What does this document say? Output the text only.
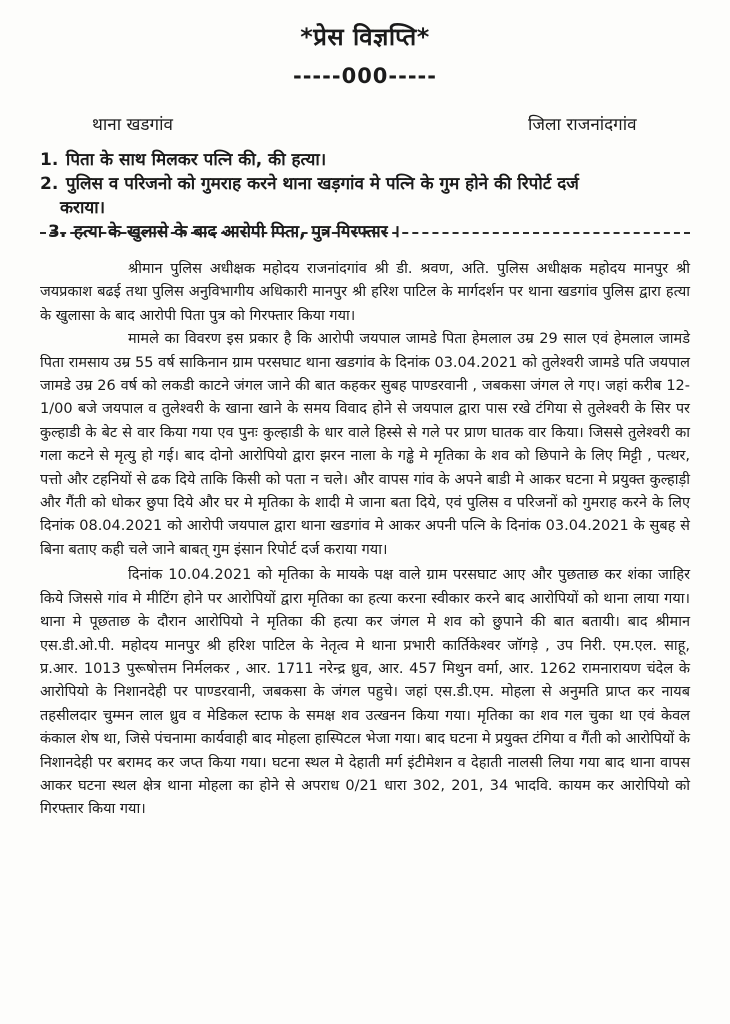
*प्रेस विज्ञप्ति*
-----000-----
थाना खडगांव	जिला राजनांदगांव
1. पिता के साथ मिलकर पत्नि की, की हत्या।
2. पुलिस व परिजनो को गुमराह करने थाना खड़गांव मे पत्नि के गुम होने की रिपोर्ट दर्ज
कराया।
3. हत्या के खुलासे के बाद आरोपी पिता, पुत्र गिरफ्तार ।

श्रीमान पुलिस अधीक्षक महोदय राजनांदगांव श्री डी. श्रवण, अति. पुलिस अधीक्षक महोदय मानपुर श्री जयप्रकाश बढई तथा पुलिस अनुविभागीय अधिकारी मानपुर श्री हरिश पाटिल के मार्गदर्शन पर थाना खडगांव पुलिस द्वारा हत्या के खुलासा के बाद आरोपी पिता पुत्र को गिरफ्तार किया गया।

मामले का विवरण इस प्रकार है कि आरोपी जयपाल जामडे पिता हेमलाल उम्र 29 साल एवं हेमलाल जामडे पिता रामसाय उम्र 55 वर्ष साकिनान ग्राम परसघाट थाना खडगांव के दिनांक 03.04.2021 को तुलेश्वरी जामडे पति जयपाल जामडे उम्र 26 वर्ष को लकडी काटने जंगल जाने की बात कहकर सुबह पाण्डरवानी , जबकसा जंगल ले गए। जहां करीब 12-1/00 बजे जयपाल व तुलेश्वरी के खाना खाने के समय विवाद होने से जयपाल द्वारा पास रखे टंगिया से तुलेश्वरी के सिर पर कुल्हाडी के बेट से वार किया गया एव पुनः कुल्हाडी के धार वाले हिस्से से गले पर प्राण घातक वार किया। जिससे तुलेश्वरी का गला कटने से मृत्यु हो गई। बाद दोनो आरोपियो द्वारा झरन नाला के गड्ढे मे मृतिका के शव को छिपाने के लिए मिट्टी , पत्थर, पत्तो और टहनियों से ढक दिये ताकि किसी को पता न चले। और वापस गांव के अपने बाडी मे आकर घटना मे प्रयुक्त कुल्हाड़ी और गैंती को धोकर छुपा दिये और घर मे मृतिका के शादी मे जाना बता दिये, एवं पुलिस व परिजनों को गुमराह करने के लिए दिनांक 08.04.2021 को आरोपी जयपाल द्वारा थाना खडगांव मे आकर अपनी पत्नि के दिनांक 03.04.2021 के सुबह से बिना बताए कही चले जाने बाबत् गुम इंसान रिपोर्ट दर्ज कराया गया।

दिनांक 10.04.2021 को मृतिका के मायके पक्ष वाले ग्राम परसघाट आए और पुछताछ कर शंका जाहिर किये जिससे गांव मे मीटिंग होने पर आरोपियों द्वारा मृतिका का हत्या करना स्वीकार करने बाद आरोपियों को थाना लाया गया। थाना मे पूछताछ के दौरान आरोपियो ने मृतिका की हत्या कर जंगल मे शव को छुपाने की बात बतायी। बाद श्रीमान एस.डी.ओ.पी. महोदय मानपुर श्री हरिश पाटिल के नेतृत्व मे थाना प्रभारी कार्तिकेश्वर जॉगड़े , उप निरी. एम.एल. साहू, प्र.आर. 1013 पुरूषोत्तम निर्मलकर , आर. 1711 नरेन्द्र ध्रुव, आर. 457 मिथुन वर्मा, आर. 1262 रामनारायण चंदेल के आरोपियो के निशानदेही पर पाण्डरवानी, जबकसा के जंगल पहुचे। जहां एस.डी.एम. मोहला से अनुमति प्राप्त कर नायब तहसीलदार चुम्मन लाल ध्रुव व मेडिकल स्टाफ के समक्ष शव उत्खनन किया गया। मृतिका का शव गल चुका था एवं केवल कंकाल शेष था, जिसे पंचनामा कार्यवाही बाद मोहला हास्पिटल भेजा गया। बाद घटना मे प्रयुक्त टंगिया व गैंती को आरोपियों के निशानदेही पर बरामद कर जप्त किया गया। घटना स्थल मे देहाती मर्ग इंटीमेशन व देहाती नालसी लिया गया बाद थाना वापस आकर घटना स्थल क्षेत्र थाना मोहला का होने से अपराध 0/21 धारा 302, 201, 34 भादवि. कायम कर आरोपियो को गिरफ्तार किया गया।
